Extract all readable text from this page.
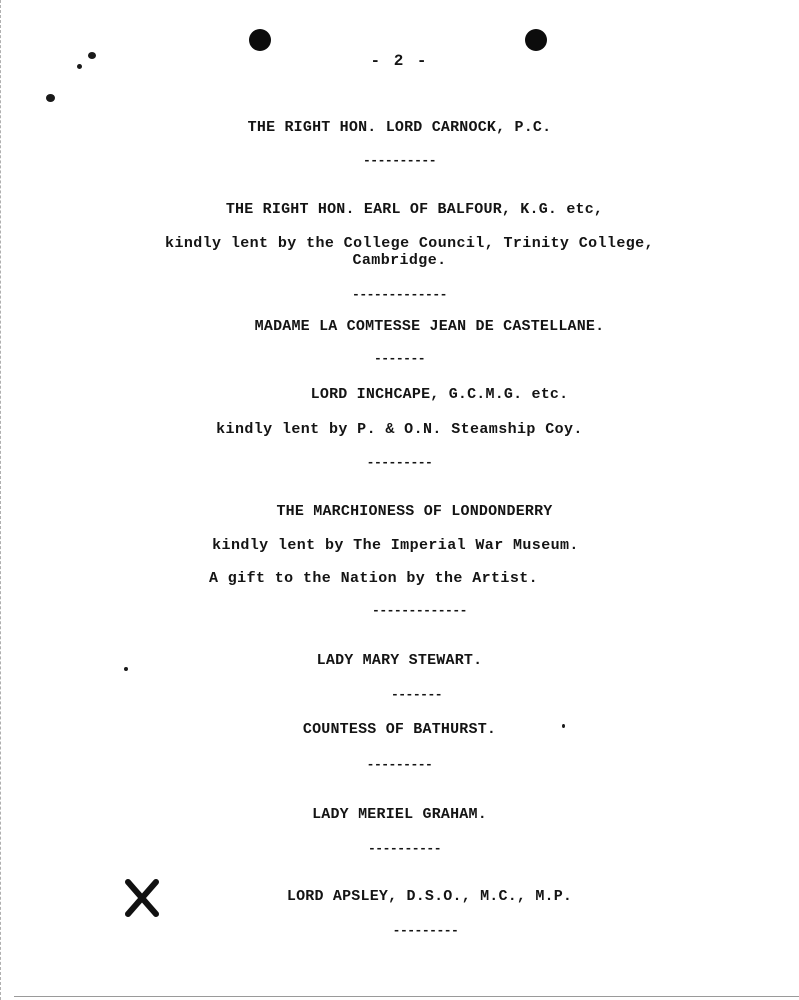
- 2 -

THE RIGHT HON. LORD CARNOCK, P.C.

----------

THE RIGHT HON. EARL OF BALFOUR, K.G. etc,

kindly lent by the College Council, Trinity College,

Cambridge.

-------------

MADAME LA COMTESSE JEAN DE CASTELLANE.

-------

LORD INCHCAPE, G.C.M.G. etc.

kindly lent by P. & O.N. Steamship Coy.

---------

THE MARCHIONESS OF LONDONDERRY

kindly lent by The Imperial War Museum.

A gift to the Nation by the Artist.

-------------

LADY MARY STEWART.

-------

COUNTESS OF BATHURST.

---------

LADY MERIEL GRAHAM.

----------

LORD APSLEY, D.S.O., M.C., M.P.

---------
